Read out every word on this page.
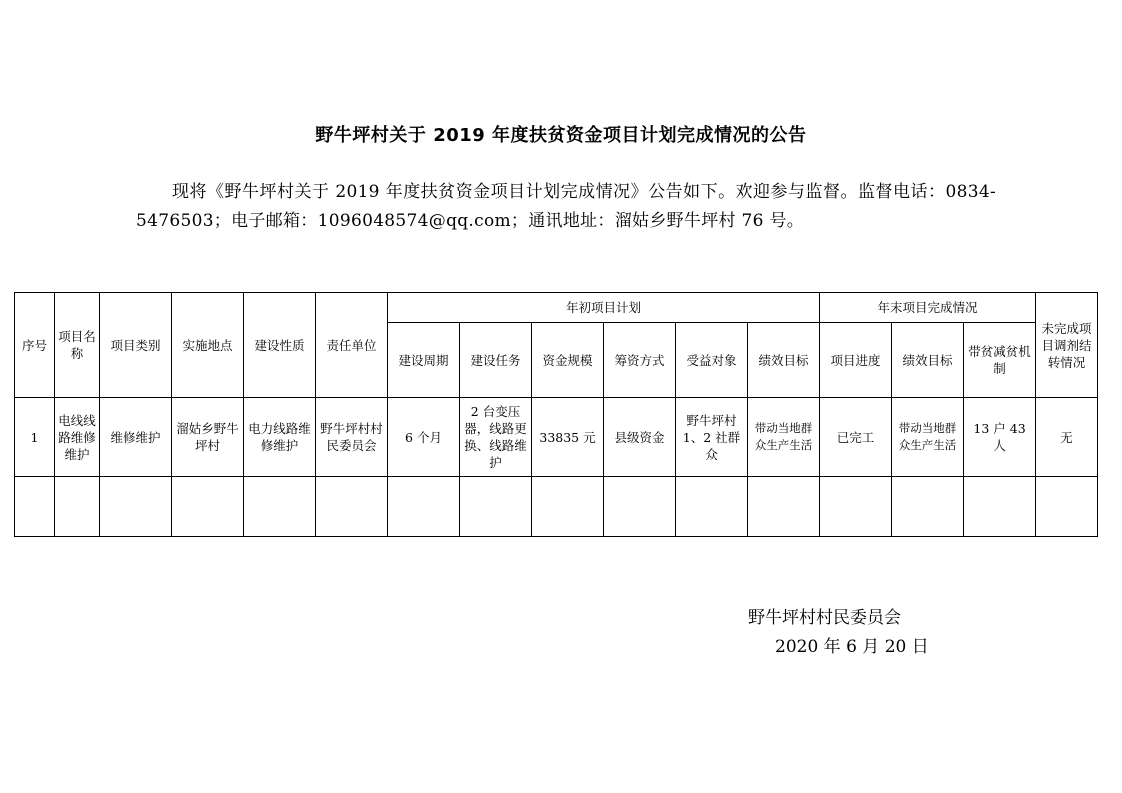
野牛坪村关于 2019 年度扶贫资金项目计划完成情况的公告
现将《野牛坪村关于 2019 年度扶贫资金项目计划完成情况》公告如下。欢迎参与监督。监督电话：0834-5476503；电子邮箱：1096048574@qq.com；通讯地址：溜姑乡野牛坪村 76 号。
序号	项目名称	项目类别	实施地点	建设性质	责任单位	年初项目计划						年末项目完成情况			未完成项目调剂结转情况
						建设周期	建设任务	资金规模	筹资方式	受益对象	绩效目标	项目进度	绩效目标	带贫减贫机制	
1	电线线路维修维护	维修维护	溜姑乡野牛坪村	电力线路维修维护	野牛坪村村民委员会	6 个月	2 台变压器，线路更换、线路维护	33835 元	县级资金	野牛坪村 1、2 社群众	带动当地群众生产生活	已完工	带动当地群众生产生活	13 户 43 人	无

野牛坪村村民委员会
2020 年 6 月 20 日
